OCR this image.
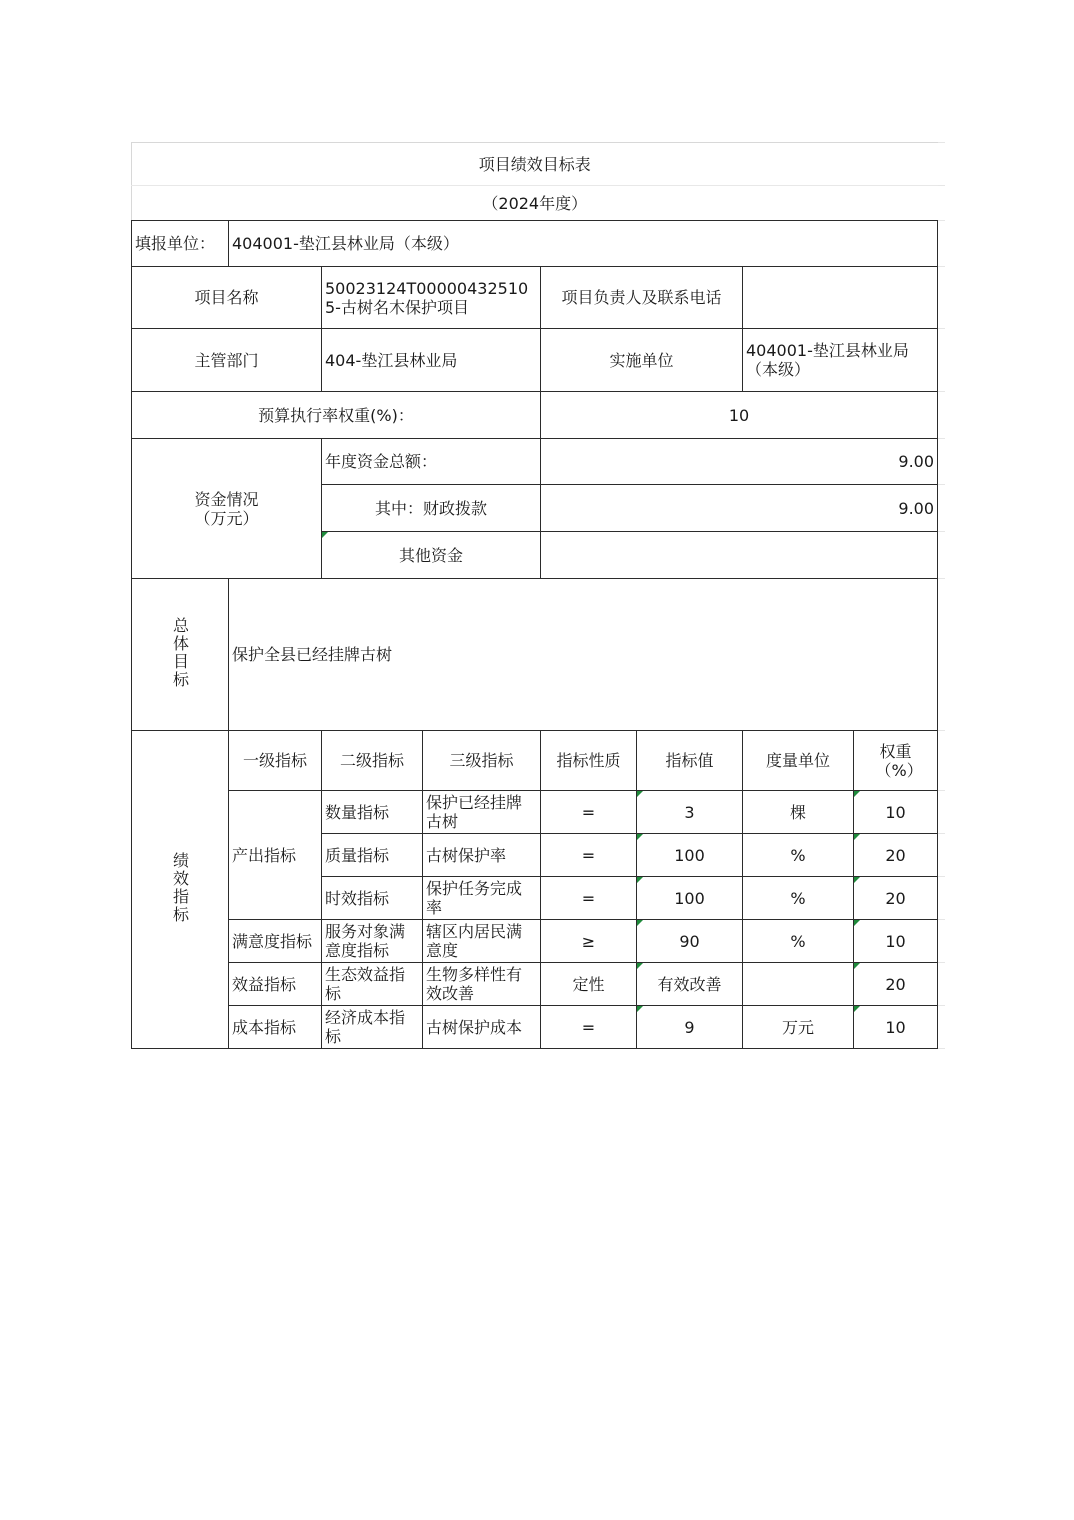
项目绩效目标表								
（2024年度）								
填报单位：	404001-垫江县林业局（本级）							
项目名称		50023124T000004325105-古树名木保护项目		项目负责人及联系电话				
主管部门		404-垫江县林业局		实施单位		404001-垫江县林业局（本级）		
预算执行率权重(%)：				10				
资金情况（万元）		年度资金总额：		9.00				
		其中：财政拨款		9.00				
		其他资金						
总体目标	保护全县已经挂牌古树							
绩效指标	一级指标	二级指标	三级指标	指标性质	指标值	度量单位	权重（%）	
	产出指标	数量指标	保护已经挂牌古树	=	3	棵	10	
		质量指标	古树保护率	=	100	%	20	
		时效指标	保护任务完成率	=	100	%	20	
	满意度指标	服务对象满意度指标	辖区内居民满意度	≥	90	%	10	
	效益指标	生态效益指标	生物多样性有效改善	定性	有效改善		20	
	成本指标	经济成本指标	古树保护成本	=	9	万元	10	
